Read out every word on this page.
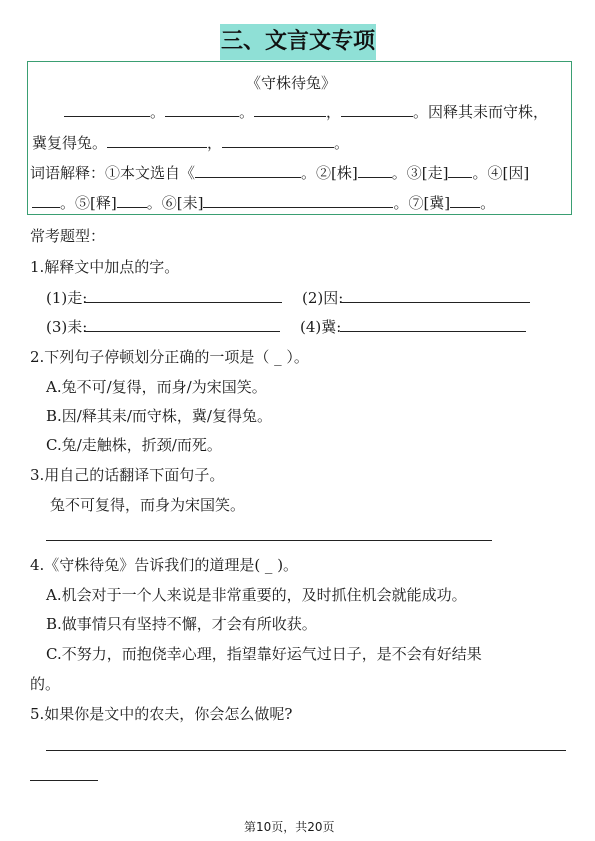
三、文言文专项
《守株待兔》
。	。	，	。因释其耒而守株，
冀复得兔。	，	。
词语解释：①本文选自《	。②[株] 。③[走] 。④[因]
。⑤[释] 。⑥[耒]	。⑦[冀] 。
常考题型：
1.解释文中加点的字。
(1)走:	(2)因:
(3)耒:	(4)冀:
2.下列句子停顿划分正确的一项是（ _ ）。
A.兔不可/复得，而身/为宋国笑。
B.因/释其耒/而守株，冀/复得兔。
C.兔/走触株，折颈/而死。
3.用自己的话翻译下面句子。
兔不可复得，而身为宋国笑。
4.《守株待兔》告诉我们的道理是( _ )。
A.机会对于一个人来说是非常重要的，及时抓住机会就能成功。
B.做事情只有坚持不懈，才会有所收获。
C.不努力，而抱侥幸心理，指望靠好运气过日子，是不会有好结果
的。
5.如果你是文中的农夫，你会怎么做呢?
第10页，共20页
